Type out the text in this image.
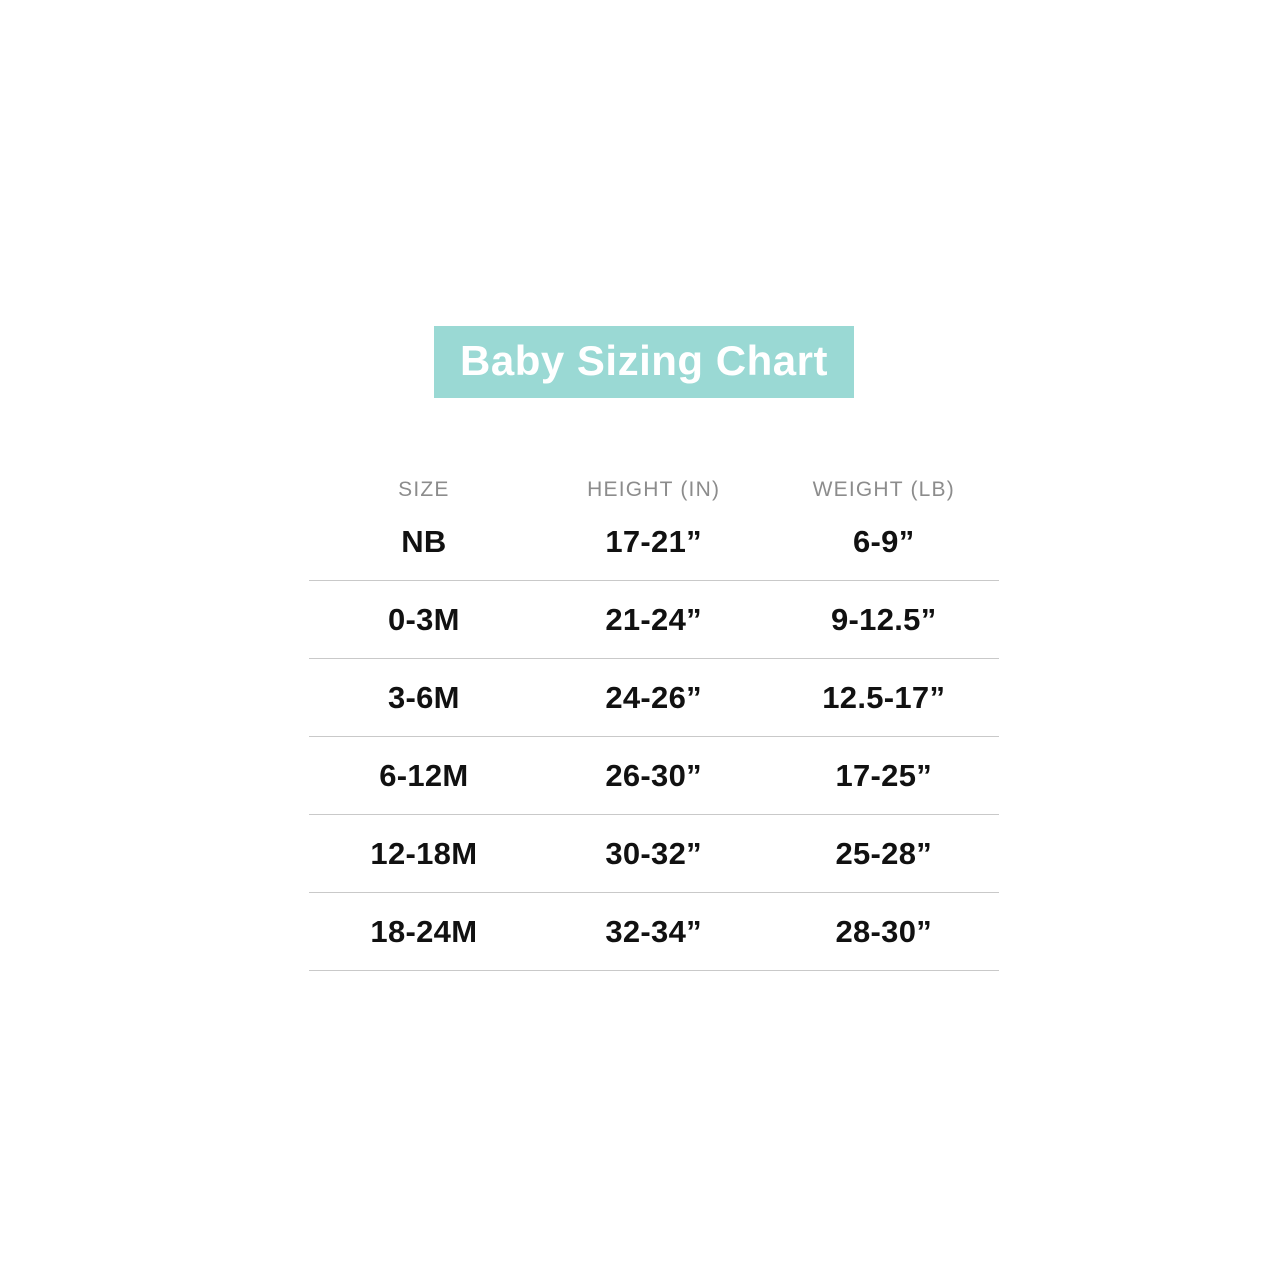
Baby Sizing Chart
SIZE	HEIGHT (IN)	WEIGHT (LB)
NB	17-21”	6-9”
0-3M	21-24”	9-12.5”
3-6M	24-26”	12.5-17”
6-12M	26-30”	17-25”
12-18M	30-32”	25-28”
18-24M	32-34”	28-30”
